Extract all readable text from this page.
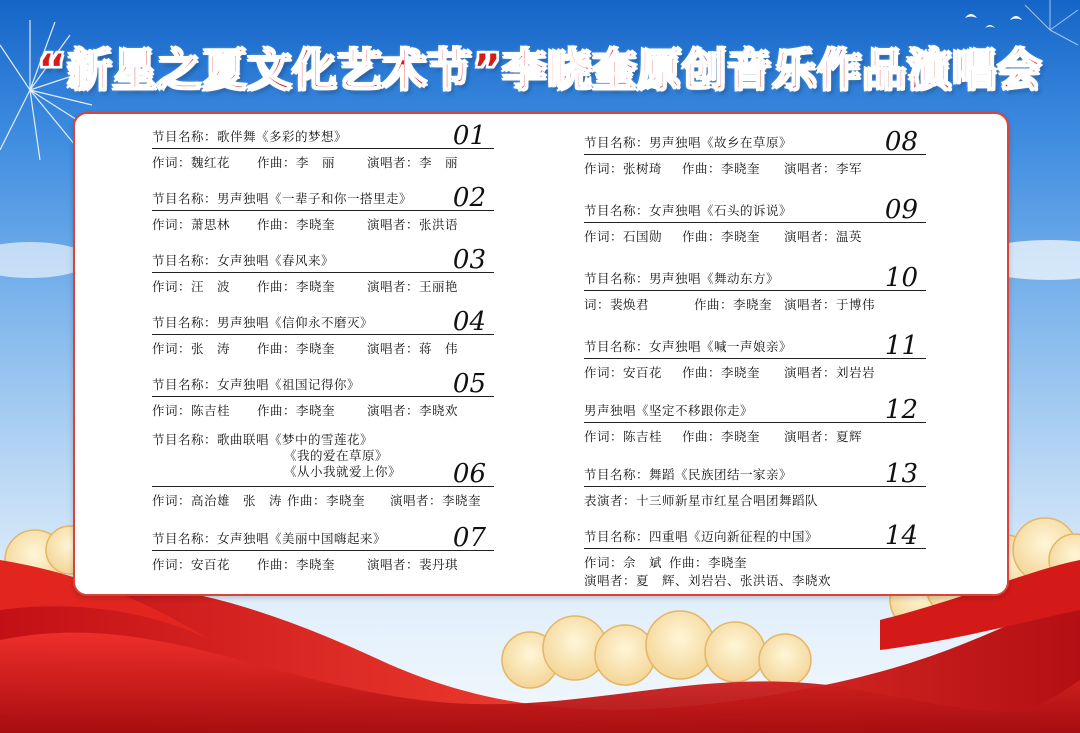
“新星之夏文化艺术节”李晓奎原创音乐作品演唱会
节目名称：歌伴舞《多彩的梦想》	01
作词：魏红花 作曲：李　丽	演唱者：李　丽
节目名称：男声独唱《一辈子和你一搭里走》 02
作词：萧思林 作曲：李晓奎	演唱者：张洪语
节目名称：女声独唱《春风来》	03
作词：汪　波 作曲：李晓奎	演唱者：王丽艳
节目名称：男声独唱《信仰永不磨灭》	04
作词：张　涛 作曲：李晓奎	演唱者：蒋　伟
节目名称：女声独唱《祖国记得你》	05
作词：陈吉桂 作曲：李晓奎	演唱者：李晓欢
节目名称：歌曲联唱《梦中的雪莲花》
《我的爱在草原》
《从小我就爱上你》 06
作词：高治雄　张　涛 作曲：李晓奎 演唱者：李晓奎
节目名称：女声独唱《美丽中国嗨起来》	07
作词：安百花 作曲：李晓奎	演唱者：裴丹琪
节目名称：男声独唱《故乡在草原》	08
作词：张树琦 作曲：李晓奎 演唱者：李军
节目名称：女声独唱《石头的诉说》	09
作词：石国勋 作曲：李晓奎 演唱者：温英
节目名称：男声独唱《舞动东方》	10
词：裴焕君	作曲：李晓奎 演唱者：于博伟
节目名称：女声独唱《喊一声娘亲》	11
作词：安百花 作曲：李晓奎 演唱者：刘岩岩
男声独唱《坚定不移跟你走》	12
作词：陈吉桂 作曲：李晓奎 演唱者：夏辉
节目名称：舞蹈《民族团结一家亲》	13
表演者：十三师新星市红星合唱团舞蹈队
节目名称：四重唱《迈向新征程的中国》	14
作词：佘　斌 作曲：李晓奎
演唱者：夏　辉、刘岩岩、张洪语、李晓欢
